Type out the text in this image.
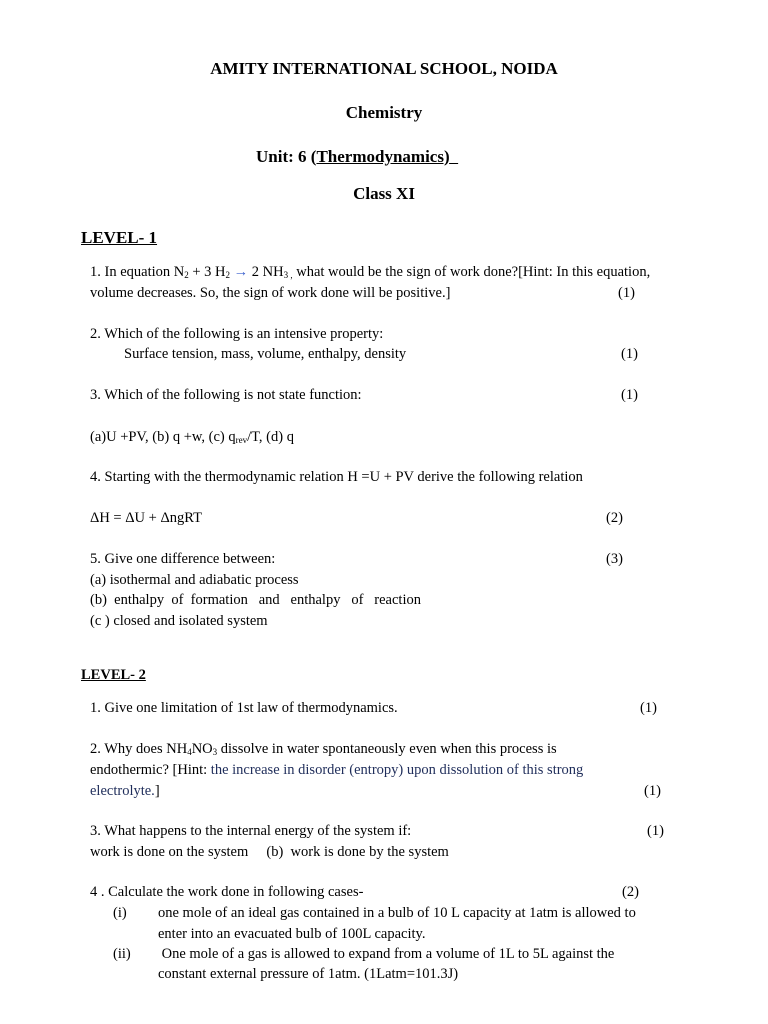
AMITY INTERNATIONAL SCHOOL, NOIDA
Chemistry
Unit: 6 (Thermodynamics)
Class XI
LEVEL- 1
1. In equation $N_2 + 3$ $H_2 \to 2$ $NH_{3 ,}$ what would be the sign of work done?[Hint: In this equation,
volume decreases. So, the sign of work done will be positive.]	(1)
2. Which of the following is an intensive property:
Surface tension, mass, volume, enthalpy, density	(1)
3. Which of the following is not state function:	(1)
(a)U +PV, (b) q +w, (c) $q_{rev}/T$, (d) q
4. Starting with the thermodynamic relation H =U + PV derive the following relation
ΔH = ΔU + ΔngRT	(2)
5. Give one difference between:	(3)
(a) isothermal and adiabatic process
(b)  enthalpy  of  formation   and   enthalpy   of   reaction
(c ) closed and isolated system
LEVEL- 2
1. Give one limitation of 1st law of thermodynamics.	(1)
2. Why does $NH_4NO_3$ dissolve in water spontaneously even when this process is
endothermic? [Hint: the increase in disorder (entropy) upon dissolution of this strong
electrolyte.]	(1)
3. What happens to the internal energy of the system if:	(1)
work is done on the system     (b)  work is done by the system
4 . Calculate the work done in following cases-	(2)
(i) one mole of an ideal gas contained in a bulb of 10 L capacity at 1atm is allowed to
enter into an evacuated bulb of 100L capacity.
(ii) One mole of a gas is allowed to expand from a volume of 1L to 5L against the
constant external pressure of 1atm. (1Latm=101.3J)
